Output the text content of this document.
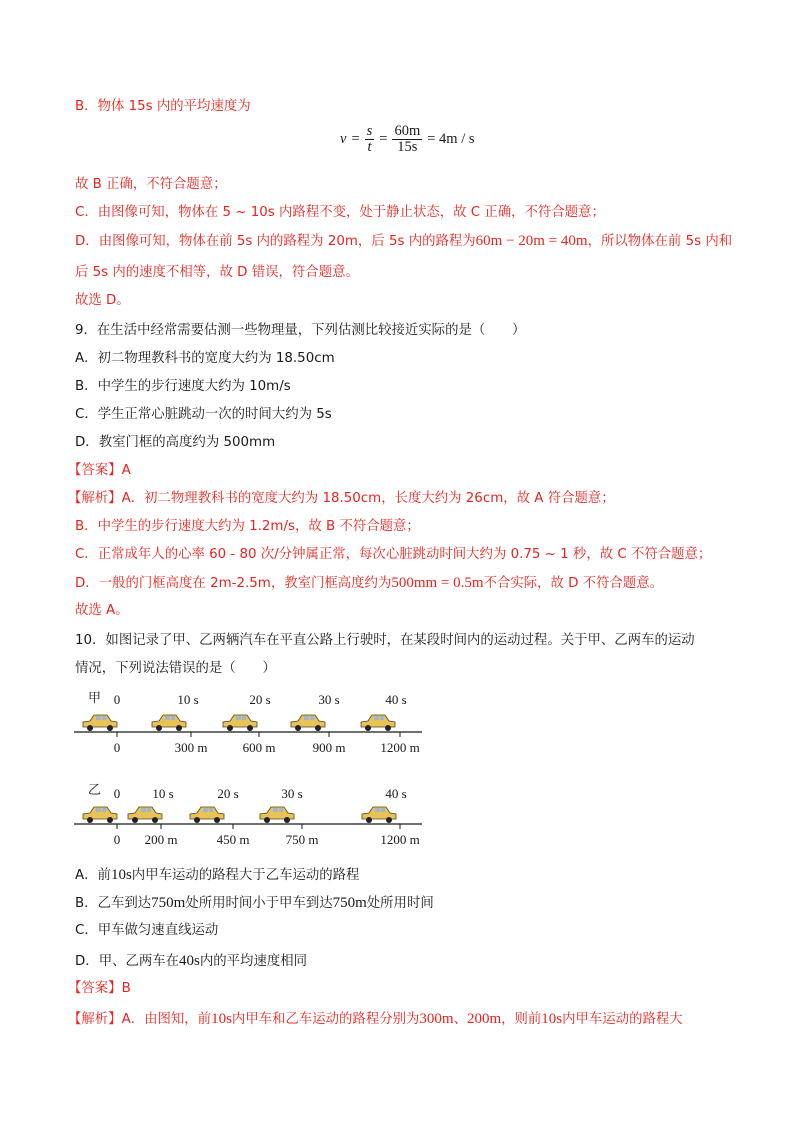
B．物体 15s 内的平均速度为
$v = \frac{s}{t} = \frac{60m}{15s} = 4m / s$
故 B 正确，不符合题意；
C．由图像可知，物体在 5 ~ 10s 内路程不变，处于静止状态，故 C 正确，不符合题意；
D．由图像可知，物体在前 5s 内的路程为 20m，后 5s 内的路程为60m − 20m = 40m，所以物体在前 5s 内和
后 5s 内的速度不相等，故 D 错误，符合题意。
故选 D。
9．在生活中经常需要估测一些物理量，下列估测比较接近实际的是（　　）
A．初二物理教科书的宽度大约为 18.50cm
B．中学生的步行速度大约为 10m/s
C．学生正常心脏跳动一次的时间大约为 5s
D．教室门框的高度约为 500mm
【答案】A
【解析】A．初二物理教科书的宽度大约为 18.50cm，长度大约为 26cm，故 A 符合题意；
B．中学生的步行速度大约为 1.2m/s，故 B 不符合题意；
C．正常成年人的心率 60 - 80 次/分钟属正常，每次心脏跳动时间大约为 0.75 ~ 1 秒，故 C 不符合题意；
D．一般的门框高度在 2m-2.5m，教室门框高度约为500mm = 0.5m不合实际，故 D 不符合题意。
故选 A。
10．如图记录了甲、乙两辆汽车在平直公路上行驶时，在某段时间内的运动过程。关于甲、乙两车的运动
情况，下列说法错误的是（　　）
甲 0	10 s	20 s	30 s	40 s
0	300 m	600 m	900 m	1200 m
乙 0 10 s	20 s	30 s	40 s
0 200 m	450 m	750 m	1200 m
A．前10s内甲车运动的路程大于乙车运动的路程
B．乙车到达750m处所用时间小于甲车到达750m处所用时间
C．甲车做匀速直线运动
D．甲、乙两车在40s内的平均速度相同
【答案】B
【解析】A．由图知，前10s内甲车和乙车运动的路程分别为300m、200m，则前10s内甲车运动的路程大
